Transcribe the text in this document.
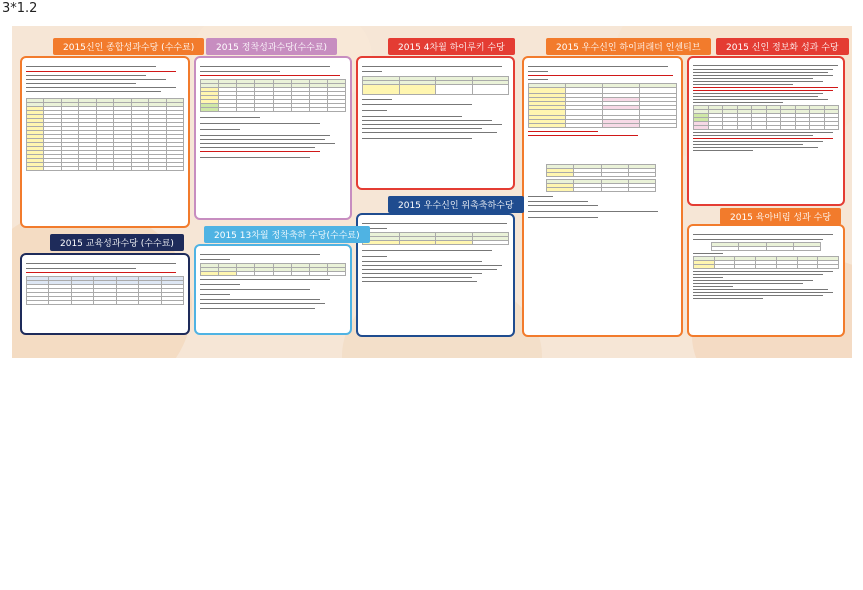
3*1.2
2015신인 종합성과수당 (수수료)

2015 교육성과수당 (수수료)

2015 정착성과수당(수수료)

2015 13차월 정착축하 수당(수수료)

2015 4차월 하이루키 수당

2015 우수신인 위촉축하수당

2015 우수신인 하이퍼래더 인센티브

				2015 신인 정보화 성과 수당

2015 육아비림 성과 수당
